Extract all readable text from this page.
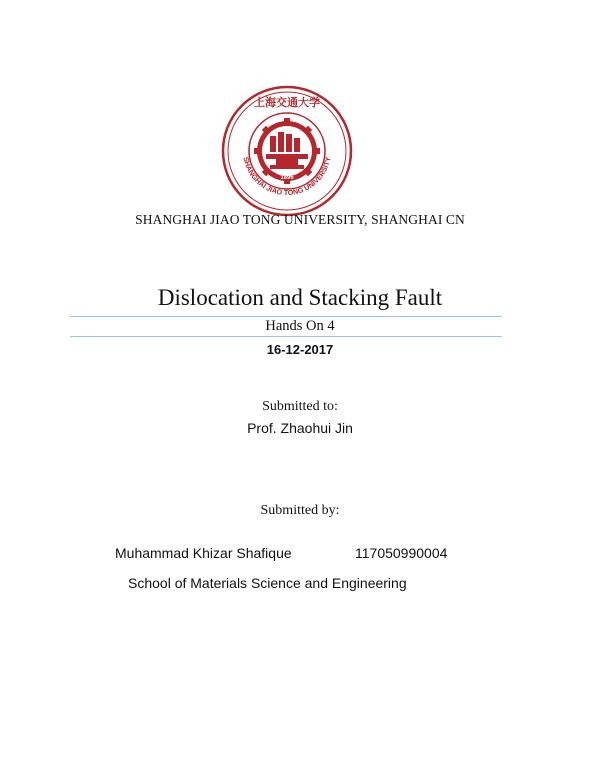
上海交通大学
SHANGHAI JIAO TONG UNIVERSITY
1896
SHANGHAI JIAO TONG UNIVERSITY, SHANGHAI CN
Dislocation and Stacking Fault
Hands On 4
16-12-2017
Submitted to:
Prof. Zhaohui Jin
Submitted by:
Muhammad Khizar Shafique	117050990004
School of Materials Science and Engineering
